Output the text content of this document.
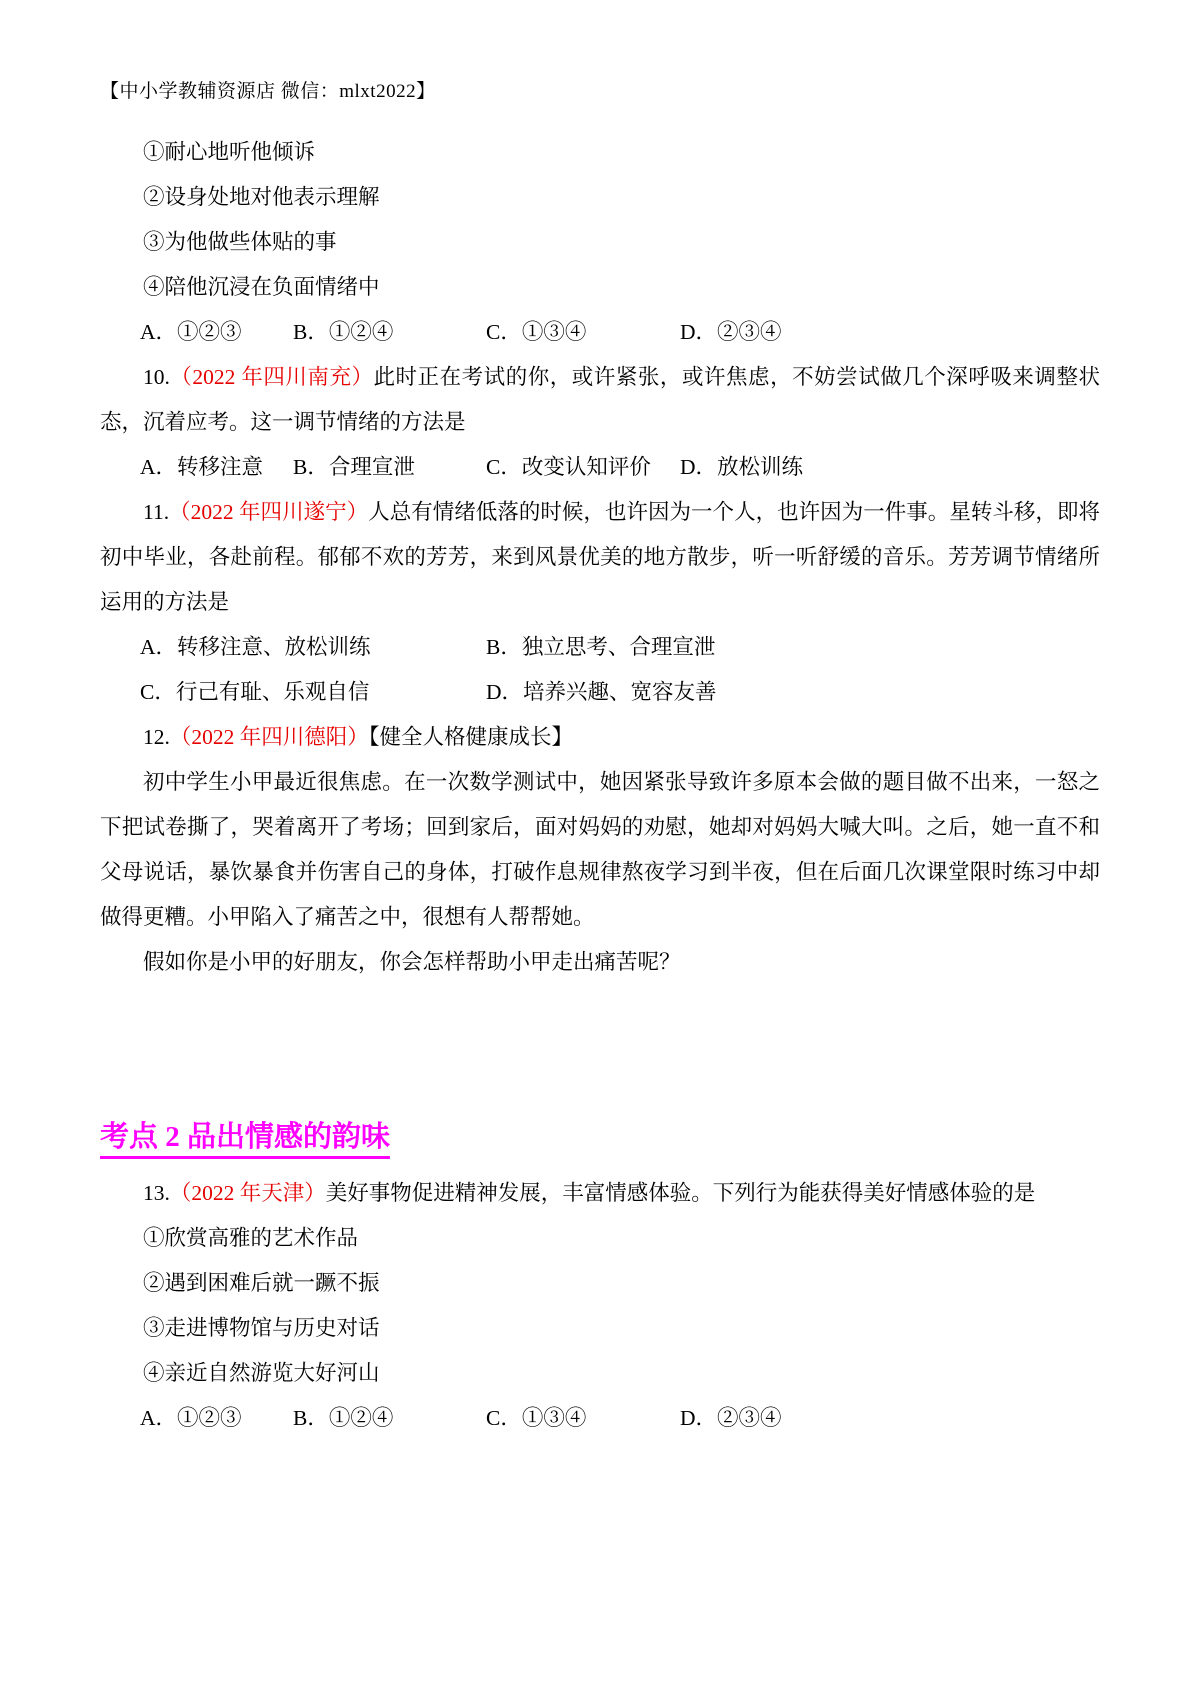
【中小学教辅资源店 微信：mlxt2022】

①耐心地听他倾诉

②设身处地对他表示理解

③为他做些体贴的事

④陪他沉浸在负面情绪中

A．①②③ B．①②④	C．①③④	D．②③④

10.（2022 年四川南充）此时正在考试的你，或许紧张，或许焦虑，不妨尝试做几个深呼吸来调整状态，沉着应考。这一调节情绪的方法是

A．转移注意 B．合理宣泄	C．改变认知评价 D．放松训练

11.（2022 年四川遂宁）人总有情绪低落的时候，也许因为一个人，也许因为一件事。星转斗移，即将初中毕业，各赴前程。郁郁不欢的芳芳，来到风景优美的地方散步，听一听舒缓的音乐。芳芳调节情绪所运用的方法是

A．转移注意、放松训练	B．独立思考、合理宣泄
C．行己有耻、乐观自信	D．培养兴趣、宽容友善

12.（2022 年四川德阳）【健全人格健康成长】

初中学生小甲最近很焦虑。在一次数学测试中，她因紧张导致许多原本会做的题目做不出来，一怒之下把试卷撕了，哭着离开了考场；回到家后，面对妈妈的劝慰，她却对妈妈大喊大叫。之后，她一直不和父母说话，暴饮暴食并伤害自己的身体，打破作息规律熬夜学习到半夜，但在后面几次课堂限时练习中却做得更糟。小甲陷入了痛苦之中，很想有人帮帮她。

假如你是小甲的好朋友，你会怎样帮助小甲走出痛苦呢？

考点 2 品出情感的韵味

13.（2022 年天津）美好事物促进精神发展，丰富情感体验。下列行为能获得美好情感体验的是

①欣赏高雅的艺术作品

②遇到困难后就一蹶不振

③走进博物馆与历史对话

④亲近自然游览大好河山

A．①②③ B．①②④	C．①③④	D．②③④
